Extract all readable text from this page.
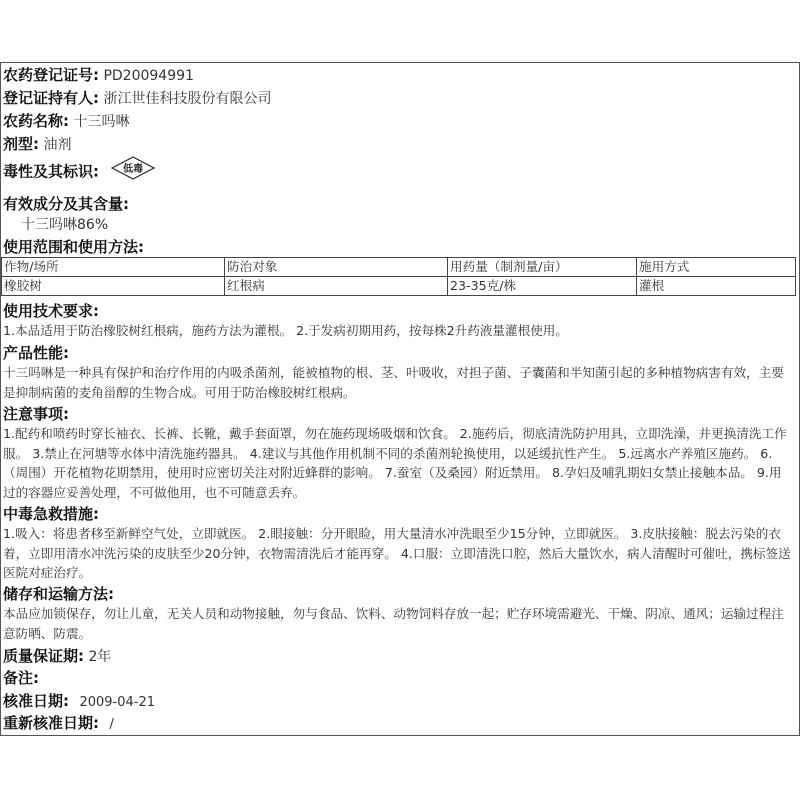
农药登记证号: PD20094991
登记证持有人: 浙江世佳科技股份有限公司
农药名称: 十三吗啉
剂型: 油剂
毒性及其标识: 低毒
有效成分及其含量:
十三吗啉86%
使用范围和使用方法:
作物/场所	防治对象	用药量（制剂量/亩）	施用方式
橡胶树	红根病	23-35克/株	灌根
使用技术要求:
1.本品适用于防治橡胶树红根病，施药方法为灌根。 2.于发病初期用药，按每株2升药液量灌根使用。
产品性能:
十三吗啉是一种具有保护和治疗作用的内吸杀菌剂，能被植物的根、茎、叶吸收，对担子菌、子囊菌和半知菌引起的多种植物病害有效，主要是抑制病菌的麦角甾醇的生物合成。可用于防治橡胶树红根病。
注意事项:
1.配药和喷药时穿长袖衣、长裤、长靴，戴手套面罩，勿在施药现场吸烟和饮食。 2.施药后，彻底清洗防护用具，立即洗澡，并更换清洗工作服。 3.禁止在河塘等水体中清洗施药器具。 4.建议与其他作用机制不同的杀菌剂轮换使用，以延缓抗性产生。 5.远离水产养殖区施药。 6.（周围）开花植物花期禁用，使用时应密切关注对附近蜂群的影响。 7.蚕室（及桑园）附近禁用。 8.孕妇及哺乳期妇女禁止接触本品。 9.用过的容器应妥善处理，不可做他用，也不可随意丢弃。
中毒急救措施:
1.吸入：将患者移至新鲜空气处，立即就医。 2.眼接触：分开眼睑，用大量清水冲洗眼至少15分钟，立即就医。 3.皮肤接触：脱去污染的衣着，立即用清水冲洗污染的皮肤至少20分钟，衣物需清洗后才能再穿。 4.口服：立即清洗口腔，然后大量饮水，病人清醒时可催吐，携标签送医院对症治疗。
储存和运输方法:
本品应加锁保存，勿让儿童，无关人员和动物接触，勿与食品、饮料、动物饲料存放一起；贮存环境需避光、干燥、阴凉、通风；运输过程注意防晒、防震。
质量保证期: 2年
备注:
核准日期: 2009-04-21
重新核准日期: /
